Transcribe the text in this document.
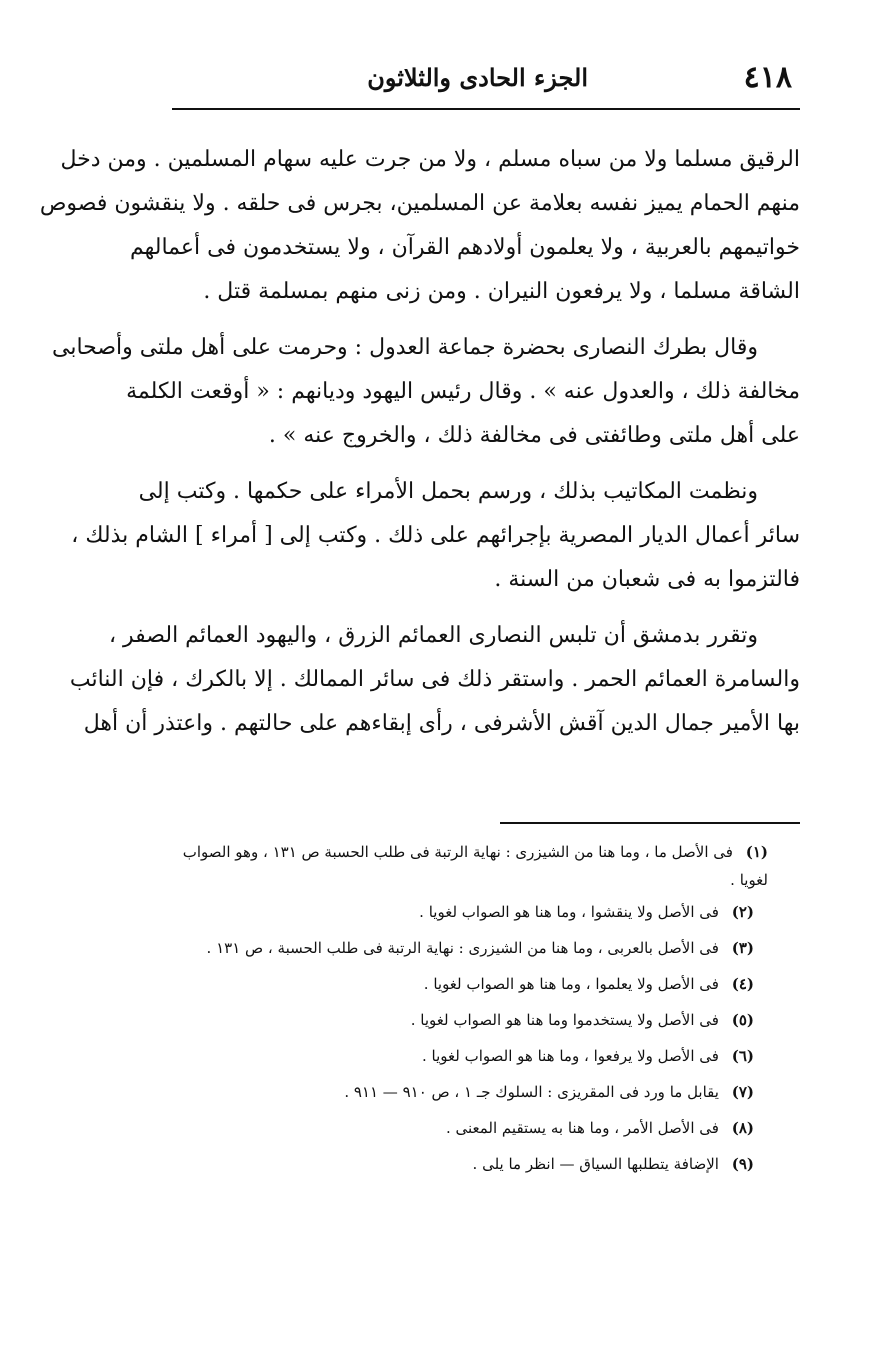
٤١٨
الجزء الحادى والثلاثون
الرقيق مسلما ولا من سباه مسلم ، ولا من جرت عليه سهام المسلمين . ومن دخل
منهم الحمام يميز نفسه بعلامة عن المسلمين، بجرس فى حلقه . ولا ينقشون فصوص
خواتيمهم بالعربية ، ولا يعلمون أولادهم القرآن ، ولا يستخدمون فى أعمالهم
الشاقة مسلما ، ولا يرفعون النيران . ومن زنى منهم بمسلمة قتل .
وقال بطرك النصارى بحضرة جماعة العدول : وحرمت على أهل ملتى وأصحابى
مخالفة ذلك ، والعدول عنه » . وقال رئيس اليهود وديانهم : « أوقعت الكلمة
على أهل ملتى وطائفتى فى مخالفة ذلك ، والخروج عنه » .
ونظمت المكاتيب بذلك ، ورسم بحمل الأمراء على حكمها . وكتب إلى
سائر أعمال الديار المصرية بإجرائهم على ذلك . وكتب إلى [ أمراء ] الشام بذلك ،
فالتزموا به فى شعبان من السنة .
وتقرر بدمشق أن تلبس النصارى العمائم الزرق ، واليهود العمائم الصفر ،
والسامرة العمائم الحمر . واستقر ذلك فى سائر الممالك . إلا بالكرك ، فإن النائب
بها الأمير جمال الدين آقش الأشرفى ، رأى إبقاءهم على حالتهم . واعتذر أن أهل
(١) فى الأصل ما ، وما هنا من الشيزرى : نهاية الرتبة فى طلب الحسبة ص ١٣١ ، وهو الصواب لغويا .
(٢) فى الأصل ولا ينقشوا ، وما هنا هو الصواب لغويا .
(٣) فى الأصل بالعربى ، وما هنا من الشيزرى : نهاية الرتبة فى طلب الحسبة ، ص ١٣١ .
(٤) فى الأصل ولا يعلموا ، وما هنا هو الصواب لغويا .
(٥) فى الأصل ولا يستخدموا وما هنا هو الصواب لغويا .
(٦) فى الأصل ولا يرفعوا ، وما هنا هو الصواب لغويا .
(٧) يقابل ما ورد فى المقريزى : السلوك جـ ١ ، ص ٩١٠ — ٩١١ .
(٨) فى الأصل الأمر ، وما هنا به يستقيم المعنى .
(٩) الإضافة يتطلبها السياق — انظر ما يلى .
